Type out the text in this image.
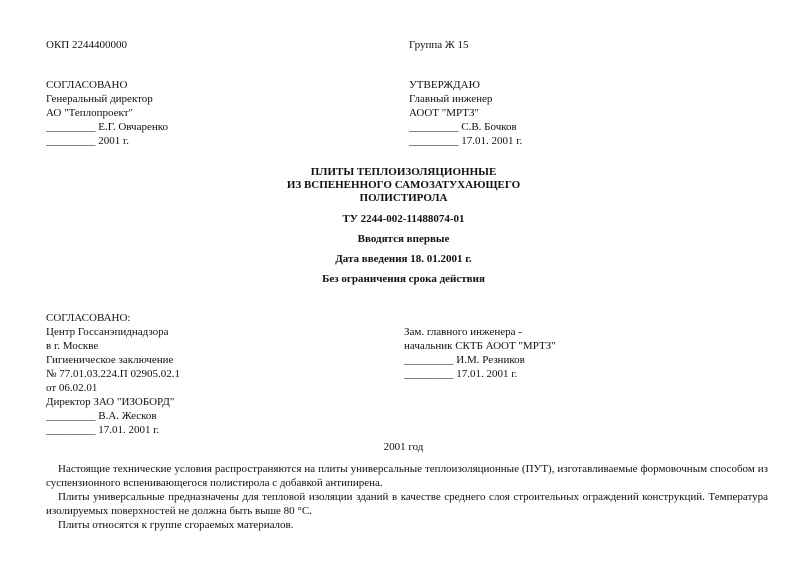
ОКП 2244400000	Группа Ж 15
СОГЛАСОВАНО
Генеральный директор
АО "Теплопроект"
_________ Е.Г. Овчаренко
_________ 2001 г.
УТВЕРЖДАЮ
Главный инженер
АООТ "МРТЗ"
_________ С.В. Бочков
_________ 17.01. 2001 г.
ПЛИТЫ ТЕПЛОИЗОЛЯЦИОННЫЕ
ИЗ ВСПЕНЕННОГО САМОЗАТУХАЮЩЕГО
ПОЛИСТИРОЛА
ТУ 2244-002-11488074-01
Вводятся впервые
Дата введения 18. 01.2001 г.
Без ограничения срока действия
СОГЛАСОВАНО:
Центр Госсанэпиднадзора
в г. Москве
Гигиеническое заключение
№ 77.01.03.224.П 02905.02.1
от 06.02.01
Директор ЗАО "ИЗОБОРД"
_________ В.А. Жесков
_________ 17.01. 2001 г.
Зам. главного инженера -
начальник СКТБ АООТ "МРТЗ"
_________ И.М. Резников
_________ 17.01. 2001 г.
2001 год

Настоящие технические условия распространяются на плиты универсальные теплоизоляционные (ПУТ), изготавливаемые формовочным способом из суспензионного вспенивающегося полистирола с добавкой антипирена.

Плиты универсальные предназначены для тепловой изоляции зданий в качестве среднего слоя строительных ограждений конструкций. Температура изолируемых поверхностей не должна быть выше 80 °С.

Плиты относятся к группе сгораемых материалов.
